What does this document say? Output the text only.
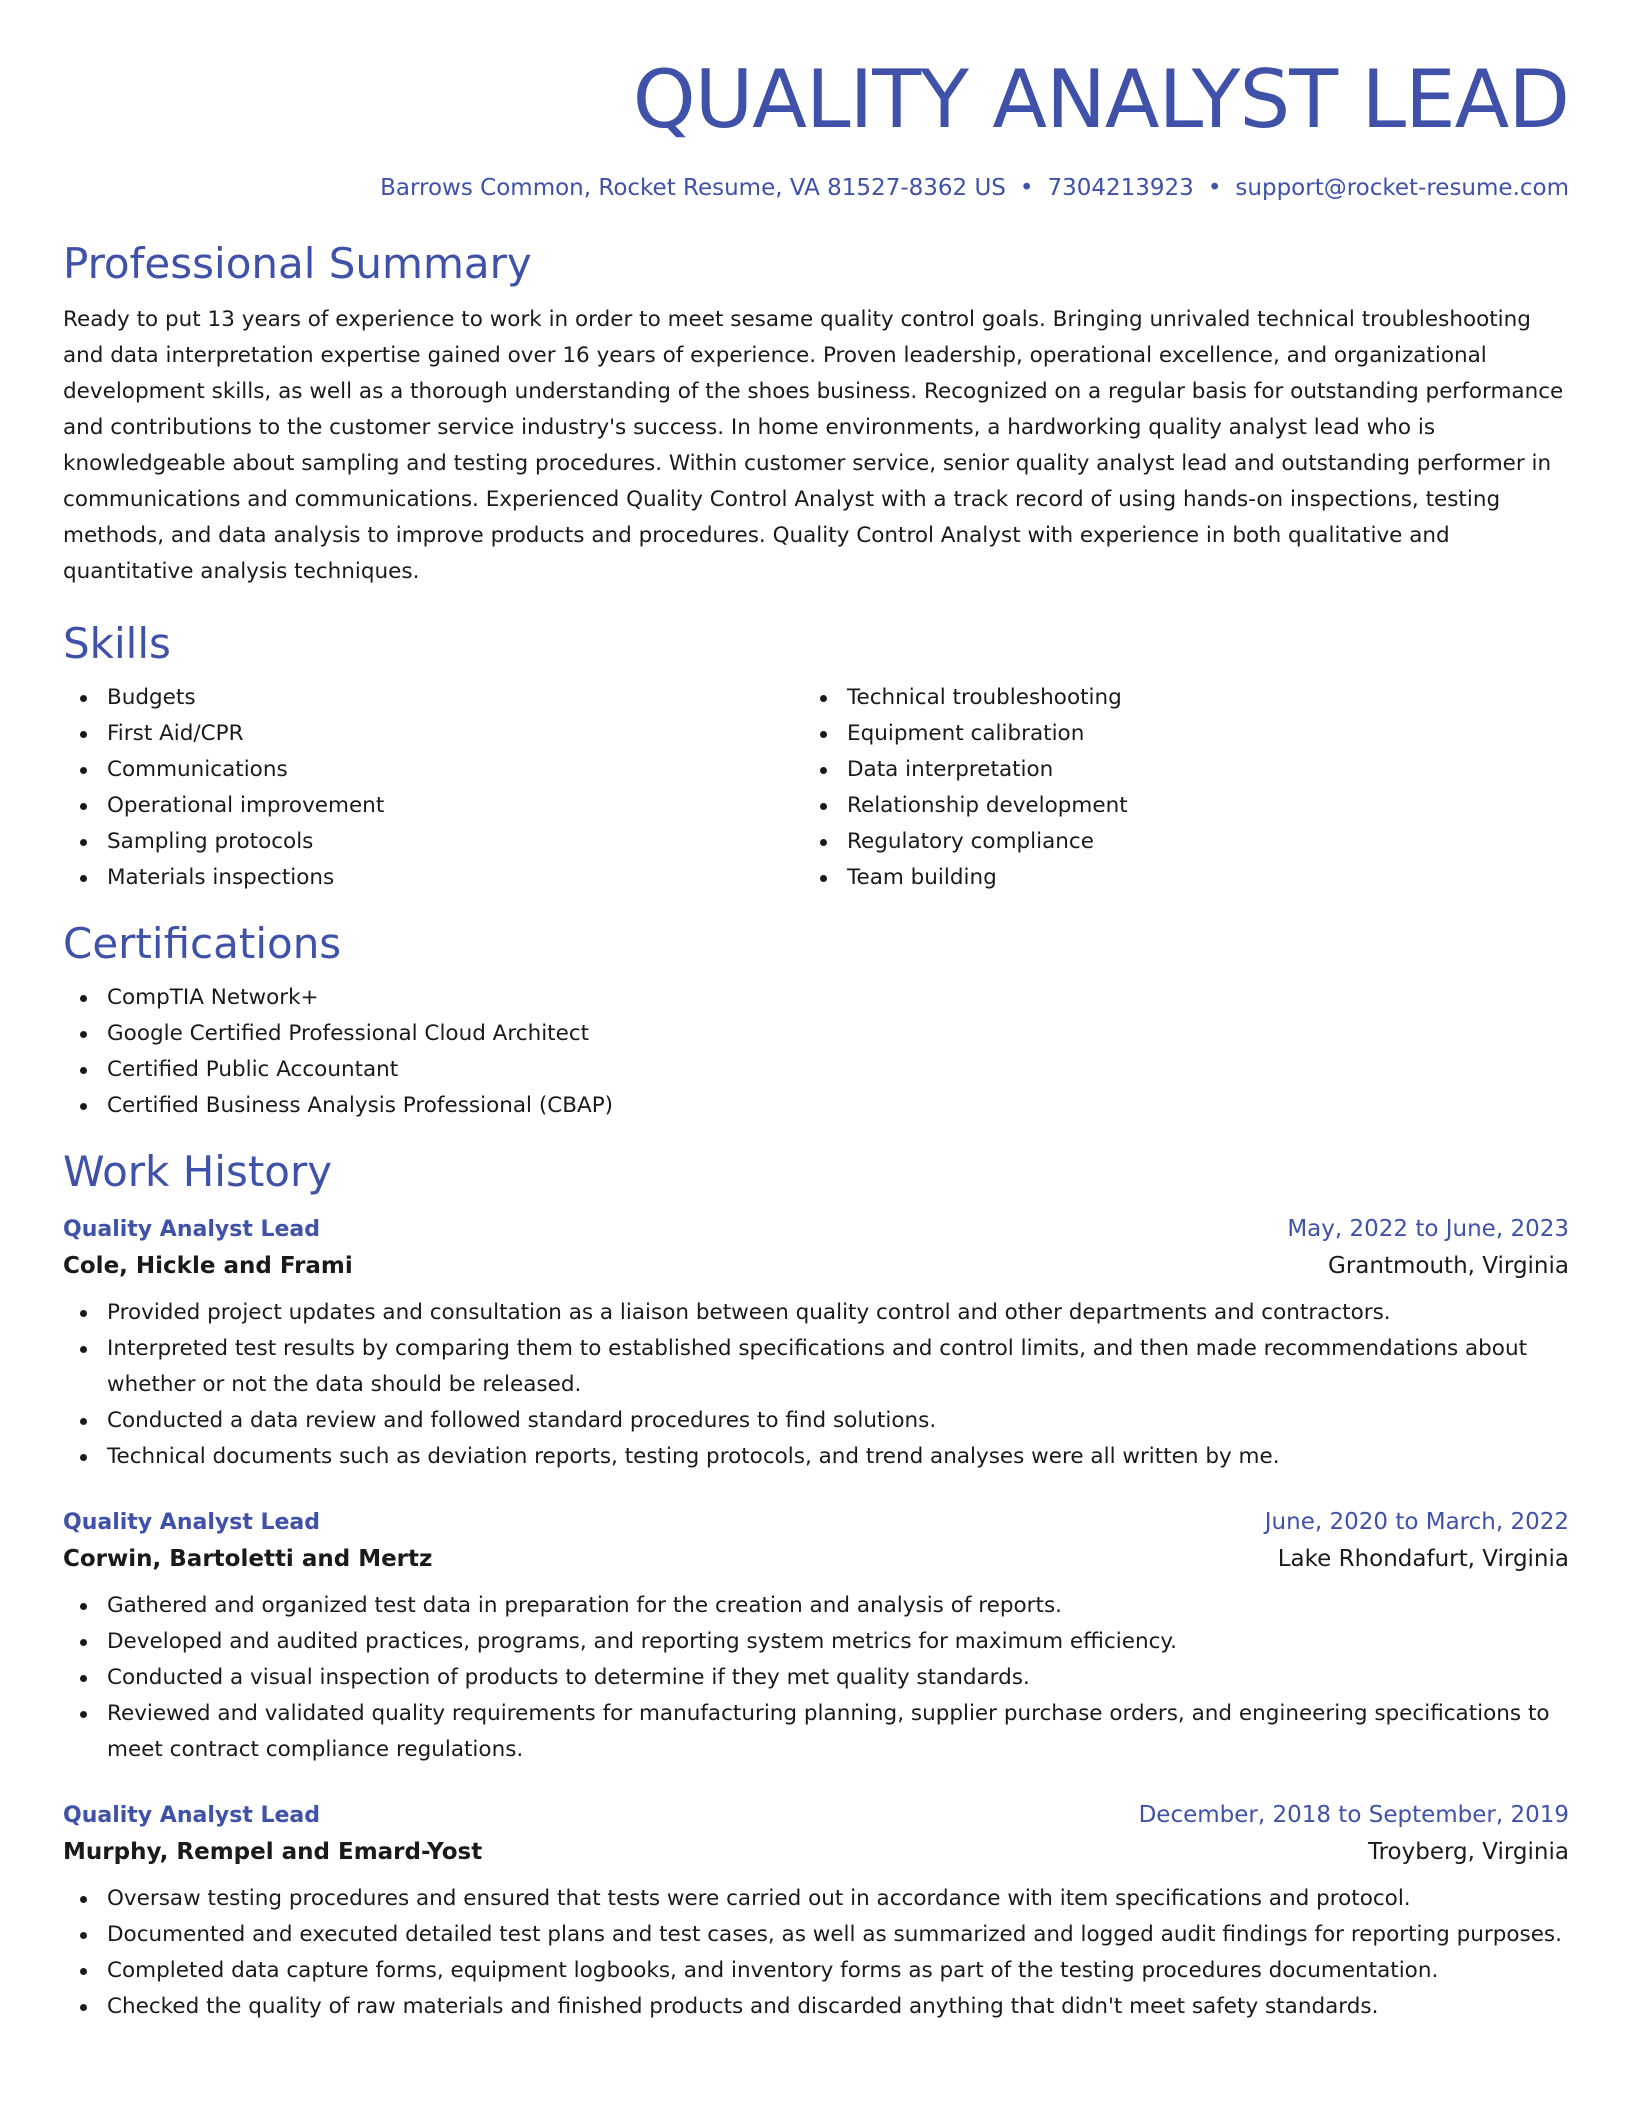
QUALITY ANALYST LEAD
Barrows Common, Rocket Resume, VA 81527-8362 US • 7304213923 • support@rocket-resume.com
Professional Summary
Ready to put 13 years of experience to work in order to meet sesame quality control goals. Bringing unrivaled technical troubleshooting and data interpretation expertise gained over 16 years of experience. Proven leadership, operational excellence, and organizational development skills, as well as a thorough understanding of the shoes business. Recognized on a regular basis for outstanding performance and contributions to the customer service industry's success. In home environments, a hardworking quality analyst lead who is knowledgeable about sampling and testing procedures. Within customer service, senior quality analyst lead and outstanding performer in communications and communications. Experienced Quality Control Analyst with a track record of using hands-on inspections, testing methods, and data analysis to improve products and procedures. Quality Control Analyst with experience in both qualitative and quantitative analysis techniques.
Skills
Budgets
First Aid/CPR
Communications
Operational improvement
Sampling protocols
Materials inspections
Technical troubleshooting
Equipment calibration
Data interpretation
Relationship development
Regulatory compliance
Team building
Certifications
CompTIA Network+
Google Certified Professional Cloud Architect
Certified Public Accountant
Certified Business Analysis Professional (CBAP)
Work History
Quality Analyst Lead	May, 2022 to June, 2023
Cole, Hickle and Frami	Grantmouth, Virginia
Provided project updates and consultation as a liaison between quality control and other departments and contractors.
Interpreted test results by comparing them to established specifications and control limits, and then made recommendations about whether or not the data should be released.
Conducted a data review and followed standard procedures to find solutions.
Technical documents such as deviation reports, testing protocols, and trend analyses were all written by me.
Quality Analyst Lead	June, 2020 to March, 2022
Corwin, Bartoletti and Mertz	Lake Rhondafurt, Virginia
Gathered and organized test data in preparation for the creation and analysis of reports.
Developed and audited practices, programs, and reporting system metrics for maximum efficiency.
Conducted a visual inspection of products to determine if they met quality standards.
Reviewed and validated quality requirements for manufacturing planning, supplier purchase orders, and engineering specifications to meet contract compliance regulations.
Quality Analyst Lead	December, 2018 to September, 2019
Murphy, Rempel and Emard-Yost	Troyberg, Virginia
Oversaw testing procedures and ensured that tests were carried out in accordance with item specifications and protocol.
Documented and executed detailed test plans and test cases, as well as summarized and logged audit findings for reporting purposes.
Completed data capture forms, equipment logbooks, and inventory forms as part of the testing procedures documentation.
Checked the quality of raw materials and finished products and discarded anything that didn't meet safety standards.
